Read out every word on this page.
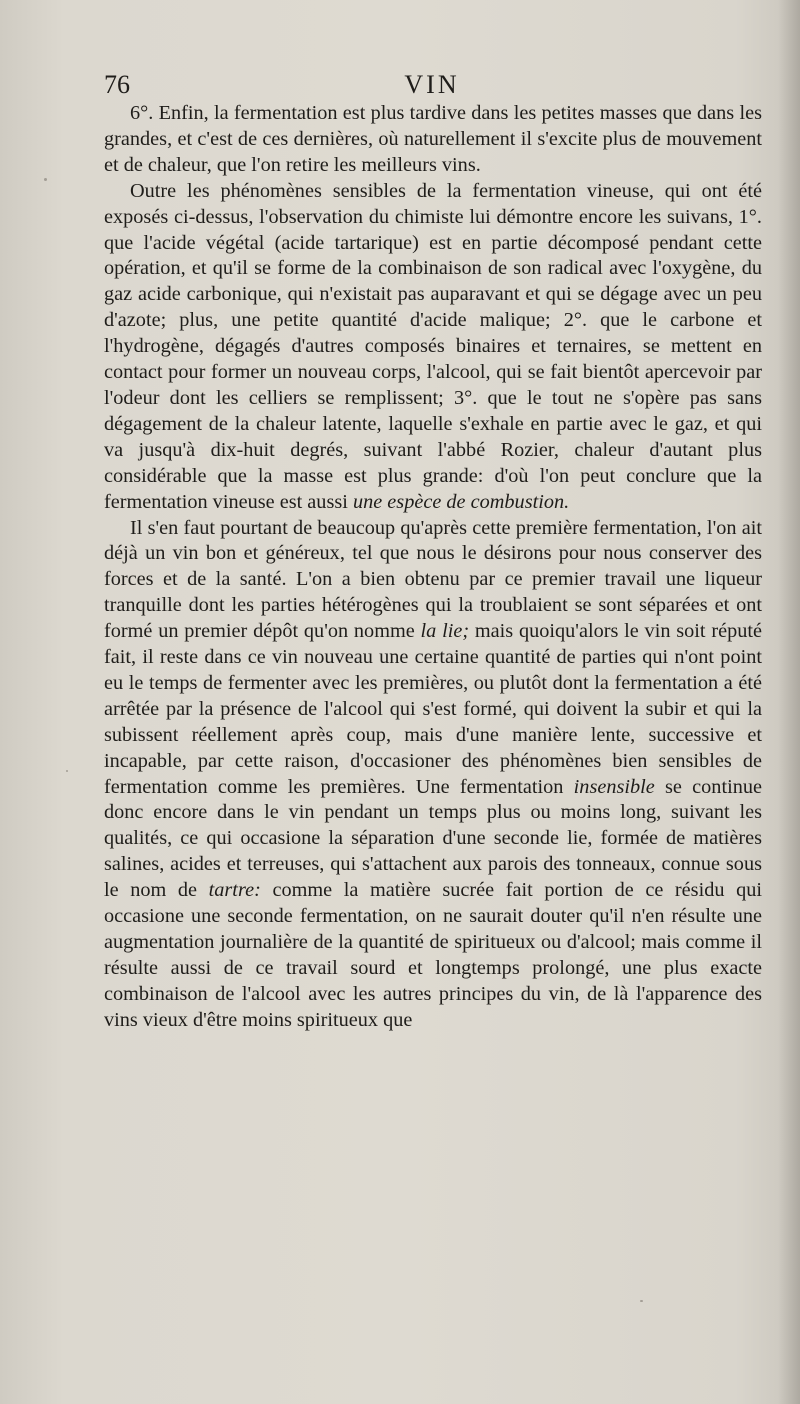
76	VIN

6°. Enfin, la fermentation est plus tardive dans les petites masses que dans les grandes, et c'est de ces dernières, où naturellement il s'excite plus de mouvement et de chaleur, que l'on retire les meilleurs vins.

Outre les phénomènes sensibles de la fermentation vineuse, qui ont été exposés ci-dessus, l'observation du chimiste lui démontre encore les suivans, 1°. que l'acide végétal (acide tartarique) est en partie décomposé pendant cette opération, et qu'il se forme de la combinaison de son radical avec l'oxygène, du gaz acide carbonique, qui n'existait pas auparavant et qui se dégage avec un peu d'azote; plus, une petite quantité d'acide malique; 2°. que le carbone et l'hydrogène, dégagés d'autres composés binaires et ternaires, se mettent en contact pour former un nouveau corps, l'alcool, qui se fait bientôt apercevoir par l'odeur dont les celliers se remplissent; 3°. que le tout ne s'opère pas sans dégagement de la chaleur latente, laquelle s'exhale en partie avec le gaz, et qui va jusqu'à dix-huit degrés, suivant l'abbé Rozier, chaleur d'autant plus considérable que la masse est plus grande: d'où l'on peut conclure que la fermentation vineuse est aussi une espèce de combustion.

Il s'en faut pourtant de beaucoup qu'après cette première fermentation, l'on ait déjà un vin bon et généreux, tel que nous le désirons pour nous conserver des forces et de la santé. L'on a bien obtenu par ce premier travail une liqueur tranquille dont les parties hétérogènes qui la troublaient se sont séparées et ont formé un premier dépôt qu'on nomme la lie; mais quoiqu'alors le vin soit réputé fait, il reste dans ce vin nouveau une certaine quantité de parties qui n'ont point eu le temps de fermenter avec les premières, ou plutôt dont la fermentation a été arrêtée par la présence de l'alcool qui s'est formé, qui doivent la subir et qui la subissent réellement après coup, mais d'une manière lente, successive et incapable, par cette raison, d'occasioner des phénomènes bien sensibles de fermentation comme les premières. Une fermentation insensible se continue donc encore dans le vin pendant un temps plus ou moins long, suivant les qualités, ce qui occasione la séparation d'une seconde lie, formée de matières salines, acides et terreuses, qui s'attachent aux parois des tonneaux, connue sous le nom de tartre: comme la matière sucrée fait portion de ce résidu qui occasione une seconde fermentation, on ne saurait douter qu'il n'en résulte une augmentation journalière de la quantité de spiritueux ou d'alcool; mais comme il résulte aussi de ce travail sourd et longtemps prolongé, une plus exacte combinaison de l'alcool avec les autres principes du vin, de là l'apparence des vins vieux d'être moins spiritueux que
